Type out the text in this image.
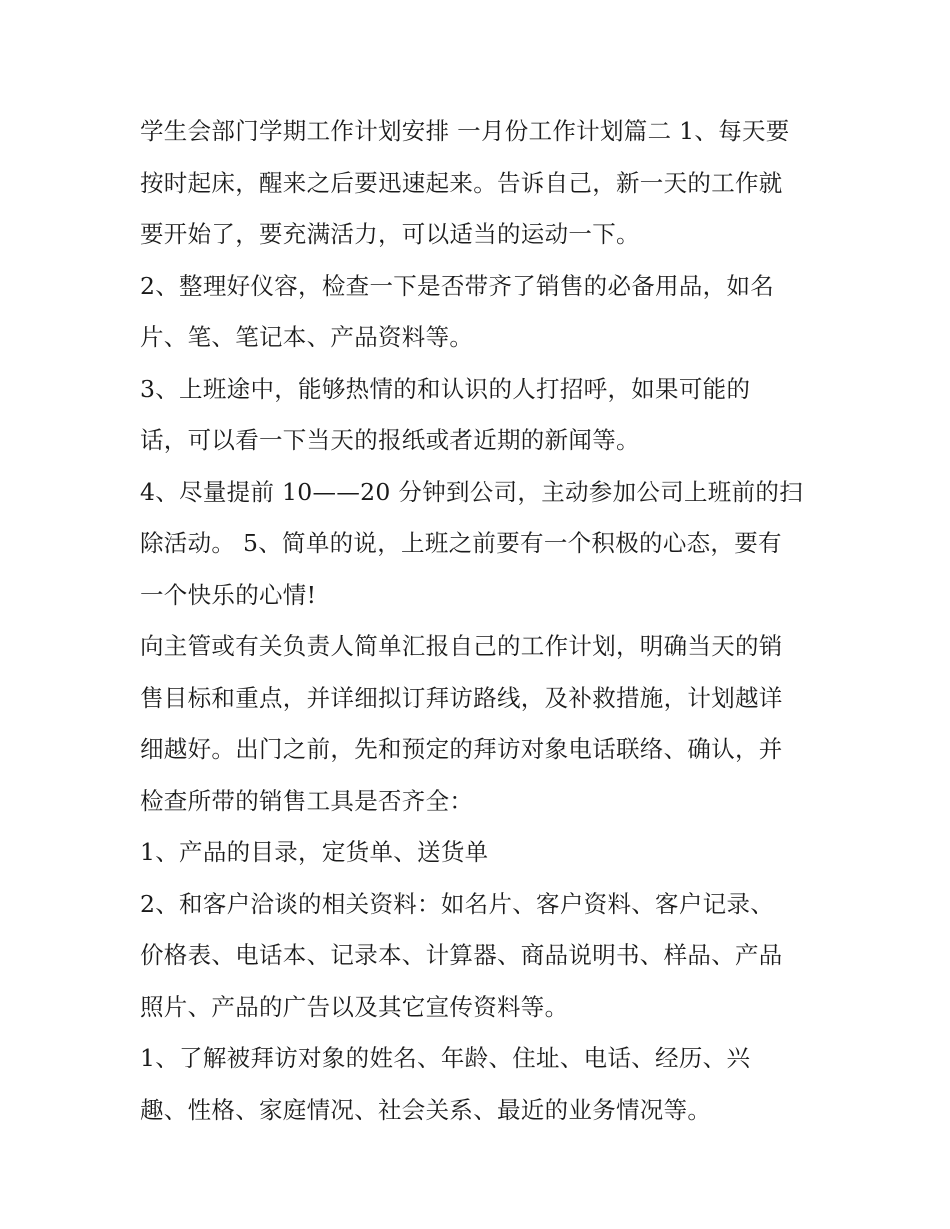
学生会部门学期工作计划安排 一月份工作计划篇二 1、每天要
按时起床，醒来之后要迅速起来。告诉自己，新一天的工作就
要开始了，要充满活力，可以适当的运动一下。

2、整理好仪容，检查一下是否带齐了销售的必备用品，如名
片、笔、笔记本、产品资料等。

3、上班途中，能够热情的和认识的人打招呼，如果可能的
话，可以看一下当天的报纸或者近期的新闻等。

4、尽量提前 10——20 分钟到公司，主动参加公司上班前的扫
除活动。 5、简单的说，上班之前要有一个积极的心态，要有
一个快乐的心情!

向主管或有关负责人简单汇报自己的工作计划，明确当天的销
售目标和重点，并详细拟订拜访路线，及补救措施，计划越详
细越好。出门之前，先和预定的拜访对象电话联络、确认，并
检查所带的销售工具是否齐全：

1、产品的目录，定货单、送货单

2、和客户洽谈的相关资料：如名片、客户资料、客户记录、
价格表、电话本、记录本、计算器、商品说明书、样品、产品
照片、产品的广告以及其它宣传资料等。

1、了解被拜访对象的姓名、年龄、住址、电话、经历、兴
趣、性格、家庭情况、社会关系、最近的业务情况等。
